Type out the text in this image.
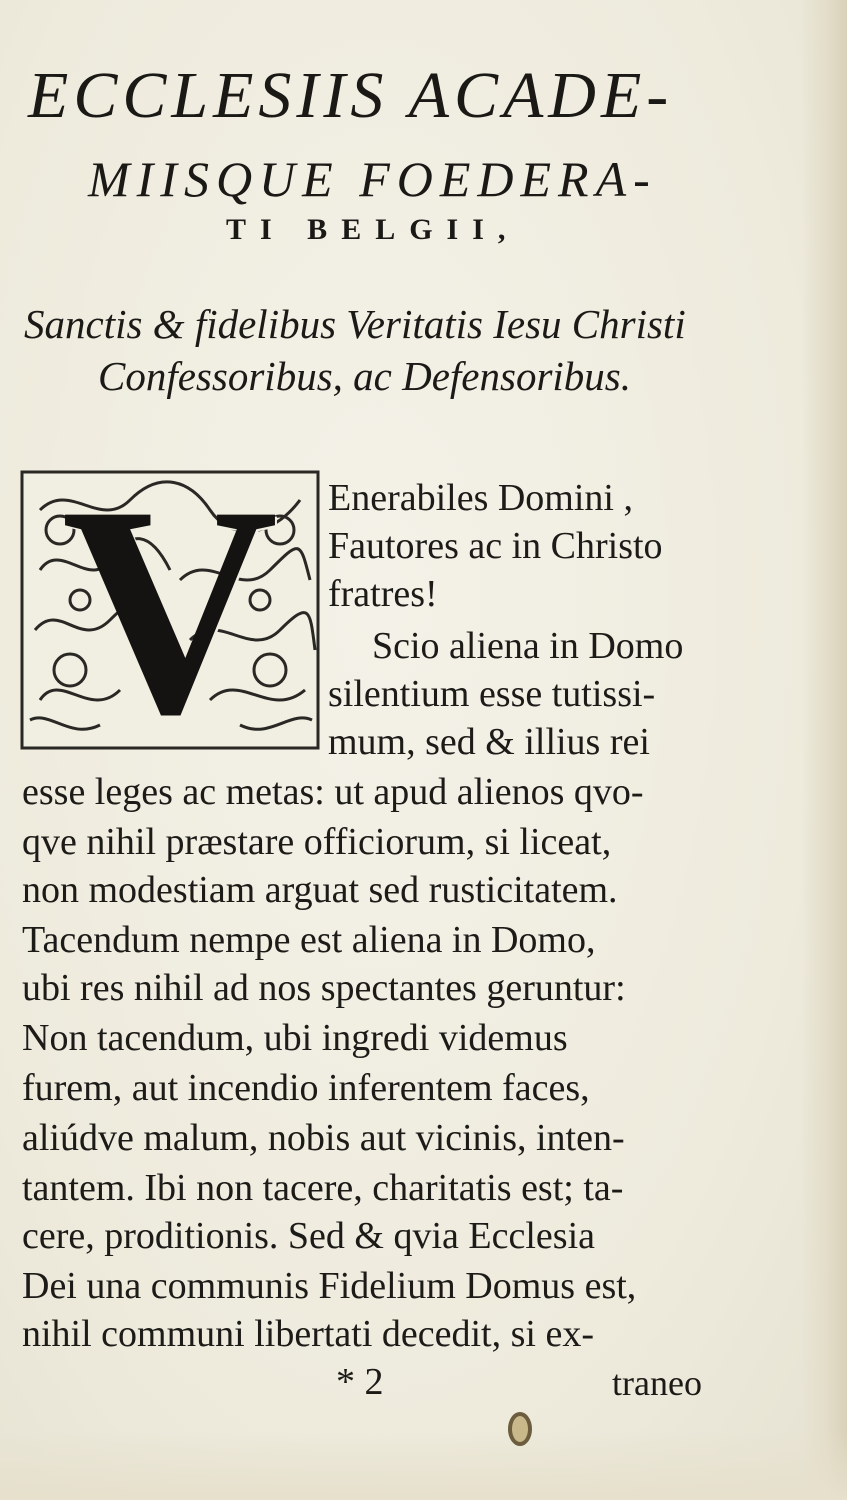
ECCLESIIS ACADE-
MIISQUE FOEDERA-
TI BELGII,
Sanctis & fidelibus Veritatis Iesu Christi
Confessoribus, ac Defensoribus.
V	Enerabiles Domini ,
Fautores ac in Christo
fratres!
Scio aliena in Domo
silentium esse tutissi-
mum, sed & illius rei
esse leges ac metas: ut apud alienos qvo-
qve nihil præstare officiorum, si liceat,
non modestiam arguat sed rusticitatem.
Tacendum nempe est aliena in Domo,
ubi res nihil ad nos spectantes geruntur:
Non tacendum, ubi ingredi videmus
furem, aut incendio inferentem faces,
aliúdve malum, nobis aut vicinis, inten-
tantem. Ibi non tacere, charitatis est; ta-
cere, proditionis. Sed & qvia Ecclesia
Dei una communis Fidelium Domus est,
nihil communi libertati decedit, si ex-
* 2	traneo
